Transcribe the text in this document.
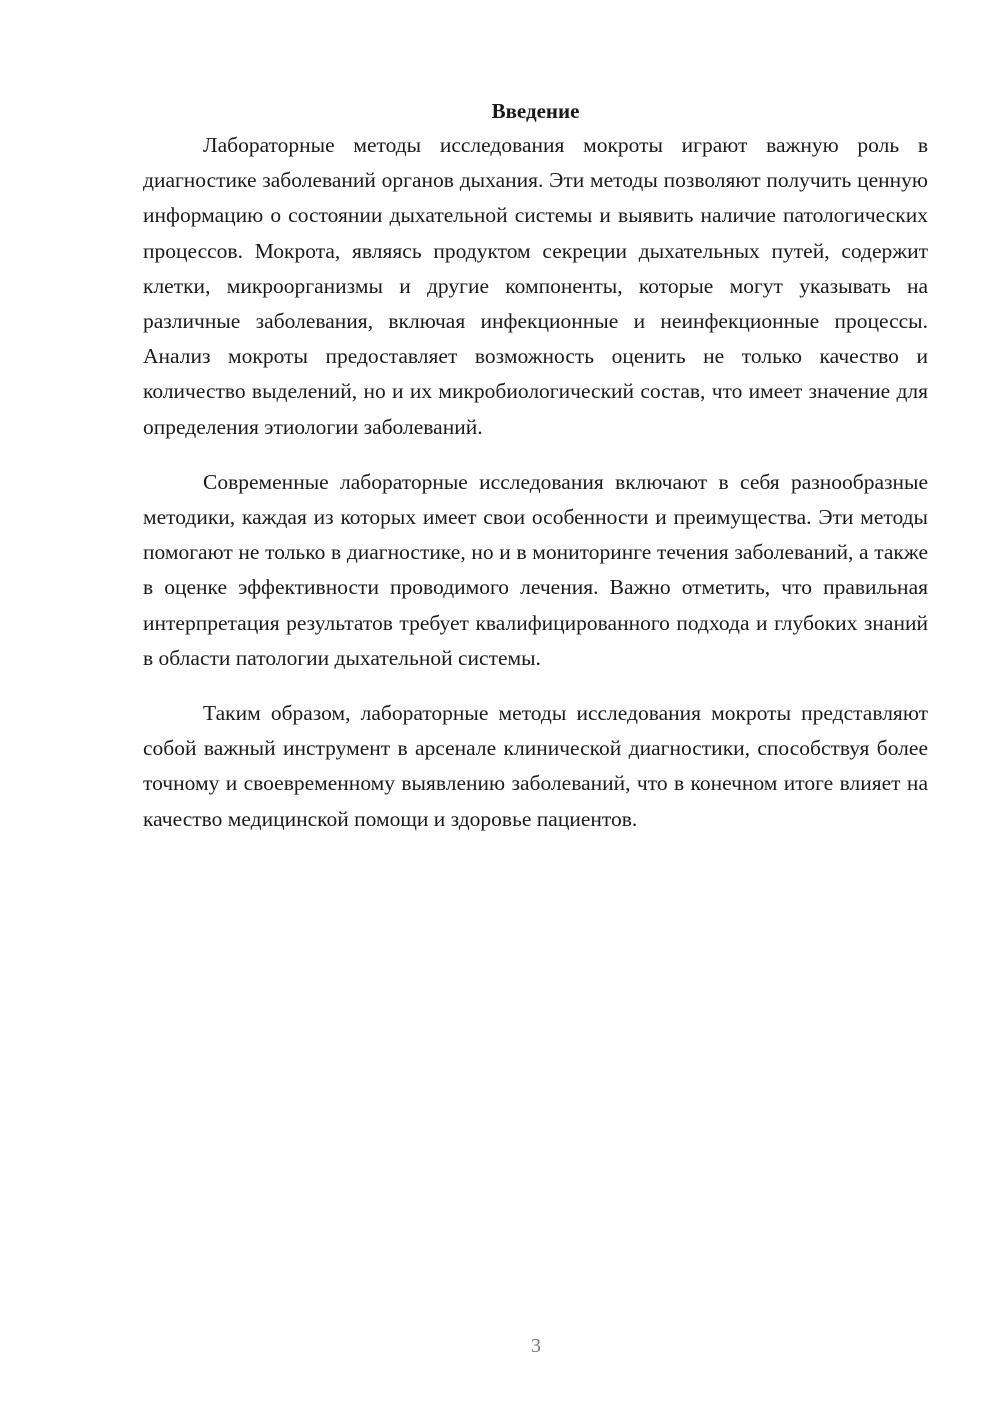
Введение

Лабораторные методы исследования мокроты играют важную роль в диагностике заболеваний органов дыхания. Эти методы позволяют получить ценную информацию о состоянии дыхательной системы и выявить наличие патологических процессов. Мокрота, являясь продуктом секреции дыхательных путей, содержит клетки, микроорганизмы и другие компоненты, которые могут указывать на различные заболевания, включая инфекционные и неинфекционные процессы. Анализ мокроты предоставляет возможность оценить не только качество и количество выделений, но и их микробиологический состав, что имеет значение для определения этиологии заболеваний.

Современные лабораторные исследования включают в себя разнообразные методики, каждая из которых имеет свои особенности и преимущества. Эти методы помогают не только в диагностике, но и в мониторинге течения заболеваний, а также в оценке эффективности проводимого лечения. Важно отметить, что правильная интерпретация результатов требует квалифицированного подхода и глубоких знаний в области патологии дыхательной системы.

Таким образом, лабораторные методы исследования мокроты представляют собой важный инструмент в арсенале клинической диагностики, способствуя более точному и своевременному выявлению заболеваний, что в конечном итоге влияет на качество медицинской помощи и здоровье пациентов.

3
